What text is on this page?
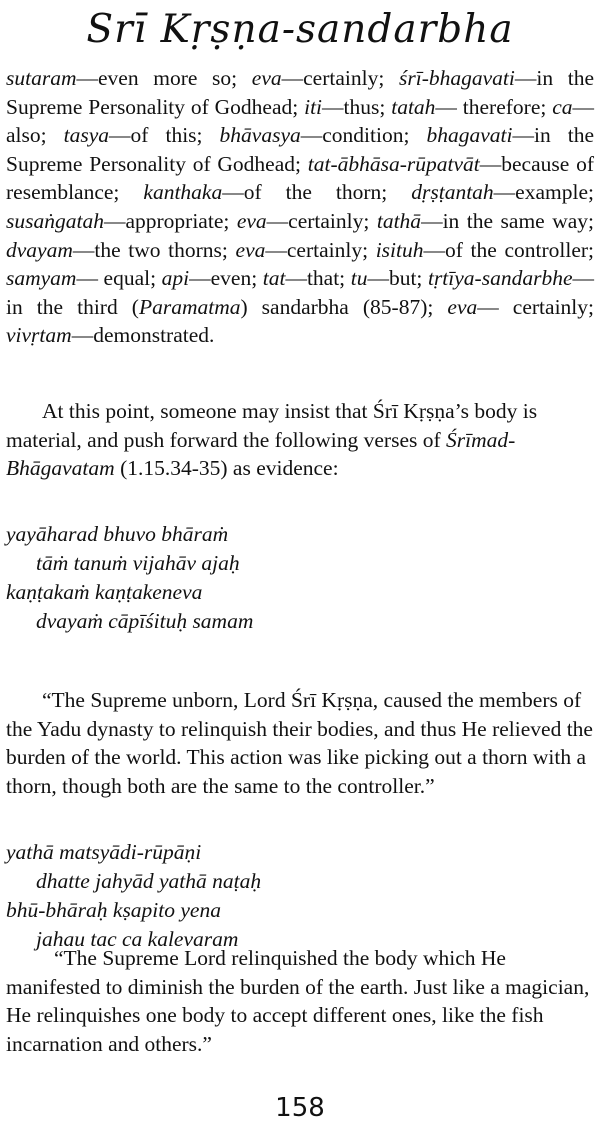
Srī Kṛṣṇa-sandarbha

sutaram—even more so; eva—certainly; śrī-bhagavati—in the Supreme Personality of Godhead; iti—thus; tatah— therefore; ca— also; tasya—of this; bhāvasya—condition; bhagavati—in the Supreme Personality of Godhead; tat-ābhāsa-rūpatvāt—because of resemblance; kanthaka—of the thorn; dṛṣṭantah—example; susaṅgatah—appropriate; eva—certainly; tathā—in the same way; dvayam—the two thorns; eva—certainly; isituh—of the controller; samyam— equal; api—even; tat—that; tu—but; tṛtīya-sandarbhe—in the third (Paramatma) sandarbha (85-87); eva— certainly; vivṛtam—demonstrated.

At this point, someone may insist that Śrī Kṛṣṇa’s body is material, and push forward the following verses of Śrīmad-Bhāgavatam (1.15.34-35) as evidence:

yayāharad bhuvo bhāraṁ
tāṁ tanuṁ vijahāv ajaḥ
kaṇṭakaṁ kaṇṭakeneva
dvayaṁ cāpīśituḥ samam

“The Supreme unborn, Lord Śrī Kṛṣṇa, caused the members of the Yadu dynasty to relinquish their bodies, and thus He relieved the burden of the world. This action was like picking out a thorn with a thorn, though both are the same to the controller.”

yathā matsyādi-rūpāṇi
dhatte jahyād yathā naṭaḥ
bhū-bhāraḥ kṣapito yena
jahau tac ca kalevaram

“The Supreme Lord relinquished the body which He manifested to diminish the burden of the earth. Just like a magician, He relinquishes one body to accept different ones, like the fish incarnation and others.”

158
